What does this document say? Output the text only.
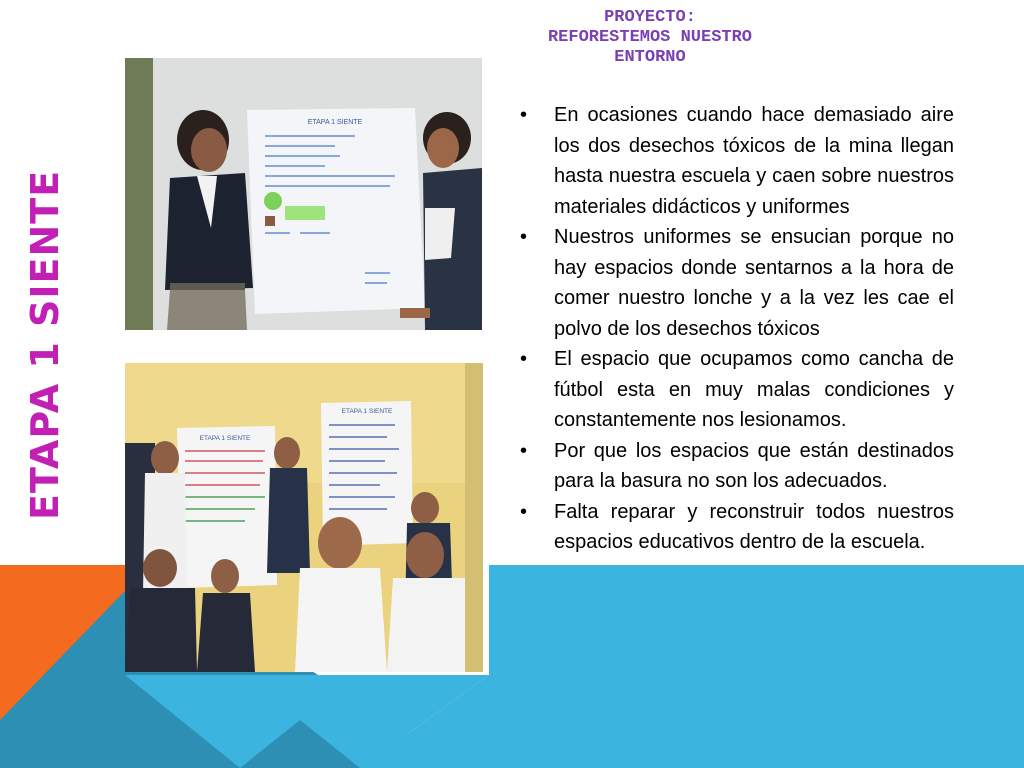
PROYECTO:
REFORESTEMOS NUESTRO ENTORNO
ETAPA 1 SIENTE
ETAPA 1 SIENTE
ETAPA 1 SIENTE
ETAPA 1 SIENTE
• En ocasiones cuando hace demasiado aire los dos desechos tóxicos de la mina llegan hasta nuestra escuela y caen sobre nuestros materiales didácticos y uniformes
• Nuestros uniformes se ensucian porque no hay espacios donde sentarnos a la hora de comer nuestro lonche y a la vez les cae el polvo de los desechos tóxicos
• El espacio que ocupamos como cancha de fútbol esta en muy malas condiciones y constantemente nos lesionamos.
• Por que los espacios que están destinados para la basura no son los adecuados.
• Falta reparar y reconstruir todos nuestros espacios educativos dentro de la escuela.
